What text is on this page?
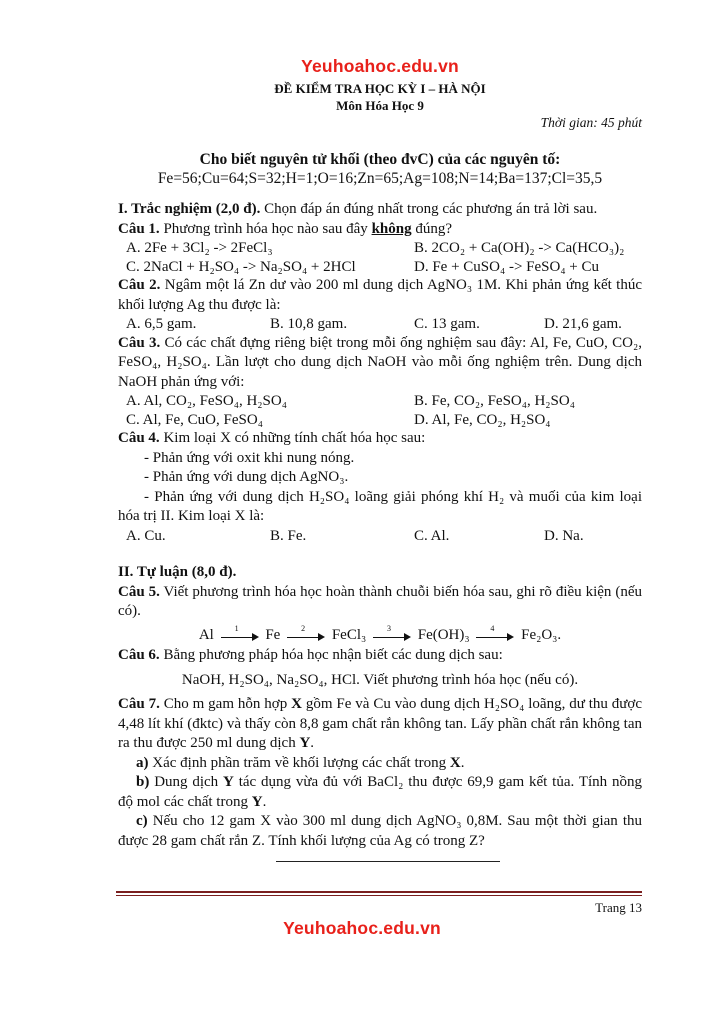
Yeuhoahoc.edu.vn
ĐỀ KIỂM TRA HỌC KỲ I – HÀ NỘI
Môn Hóa Học 9
Thời gian: 45 phút
Cho biết nguyên tử khối (theo đvC) của các nguyên tố:
Fe=56;Cu=64;S=32;H=1;O=16;Zn=65;Ag=108;N=14;Ba=137;Cl=35,5

I. Trắc nghiệm (2,0 đ). Chọn đáp án đúng nhất trong các phương án trả lời sau.

Câu 1. Phương trình hóa học nào sau đây không đúng?

A. 2Fe + 3Cl₂ -> 2FeCl₃	B. 2CO₂ + Ca(OH)₂ -> Ca(HCO₃)₂
C. 2NaCl + H₂SO₄ -> Na₂SO₄ + 2HCl	D. Fe + CuSO₄ -> FeSO₄ + Cu

Câu 2. Ngâm một lá Zn dư vào 200 ml dung dịch AgNO₃ 1M. Khi phản ứng kết thúc khối lượng Ag thu được là:

A. 6,5 gam.	B. 10,8 gam.	C. 13 gam.	D. 21,6 gam.

Câu 3. Có các chất đựng riêng biệt trong mỗi ống nghiệm sau đây: Al, Fe, CuO, CO₂, FeSO₄, H₂SO₄. Lần lượt cho dung dịch NaOH vào mỗi ống nghiệm trên. Dung dịch NaOH phản ứng với:

A. Al, CO₂, FeSO₄, H₂SO₄	B. Fe, CO₂, FeSO₄, H₂SO₄
C. Al, Fe, CuO, FeSO₄	D. Al, Fe, CO₂, H₂SO₄

Câu 4. Kim loại X có những tính chất hóa học sau:

- Phản ứng với oxit khi nung nóng.

- Phản ứng với dung dịch AgNO₃.

- Phản ứng với dung dịch H₂SO₄ loãng giải phóng khí H₂ và muối của kim loại hóa trị II. Kim loại X là:

A. Cu.	B. Fe.	C. Al.	D. Na.

II. Tự luận (8,0 đ).

Câu 5. Viết phương trình hóa học hoàn thành chuỗi biến hóa sau, ghi rõ điều kiện (nếu có).

Al	1	Fe	2	FeCl₃	3	Fe(OH)₃	4	Fe₂O₃.

Câu 6. Bằng phương pháp hóa học nhận biết các dung dịch sau:

NaOH, H₂SO₄, Na₂SO₄, HCl. Viết phương trình hóa học (nếu có).

Câu 7. Cho m gam hỗn hợp X gồm Fe và Cu vào dung dịch H₂SO₄ loãng, dư thu được 4,48 lít khí (đktc) và thấy còn 8,8 gam chất rắn không tan. Lấy phần chất rắn không tan ra thu được 250 ml dung dịch Y.

a) Xác định phần trăm về khối lượng các chất trong X.

b) Dung dịch Y tác dụng vừa đủ với BaCl₂ thu được 69,9 gam kết tủa. Tính nồng độ mol các chất trong Y.

c) Nếu cho 12 gam X vào 300 ml dung dịch AgNO₃ 0,8M. Sau một thời gian thu được 28 gam chất rắn Z. Tính khối lượng của Ag có trong Z?

Trang 13
Yeuhoahoc.edu.vn
